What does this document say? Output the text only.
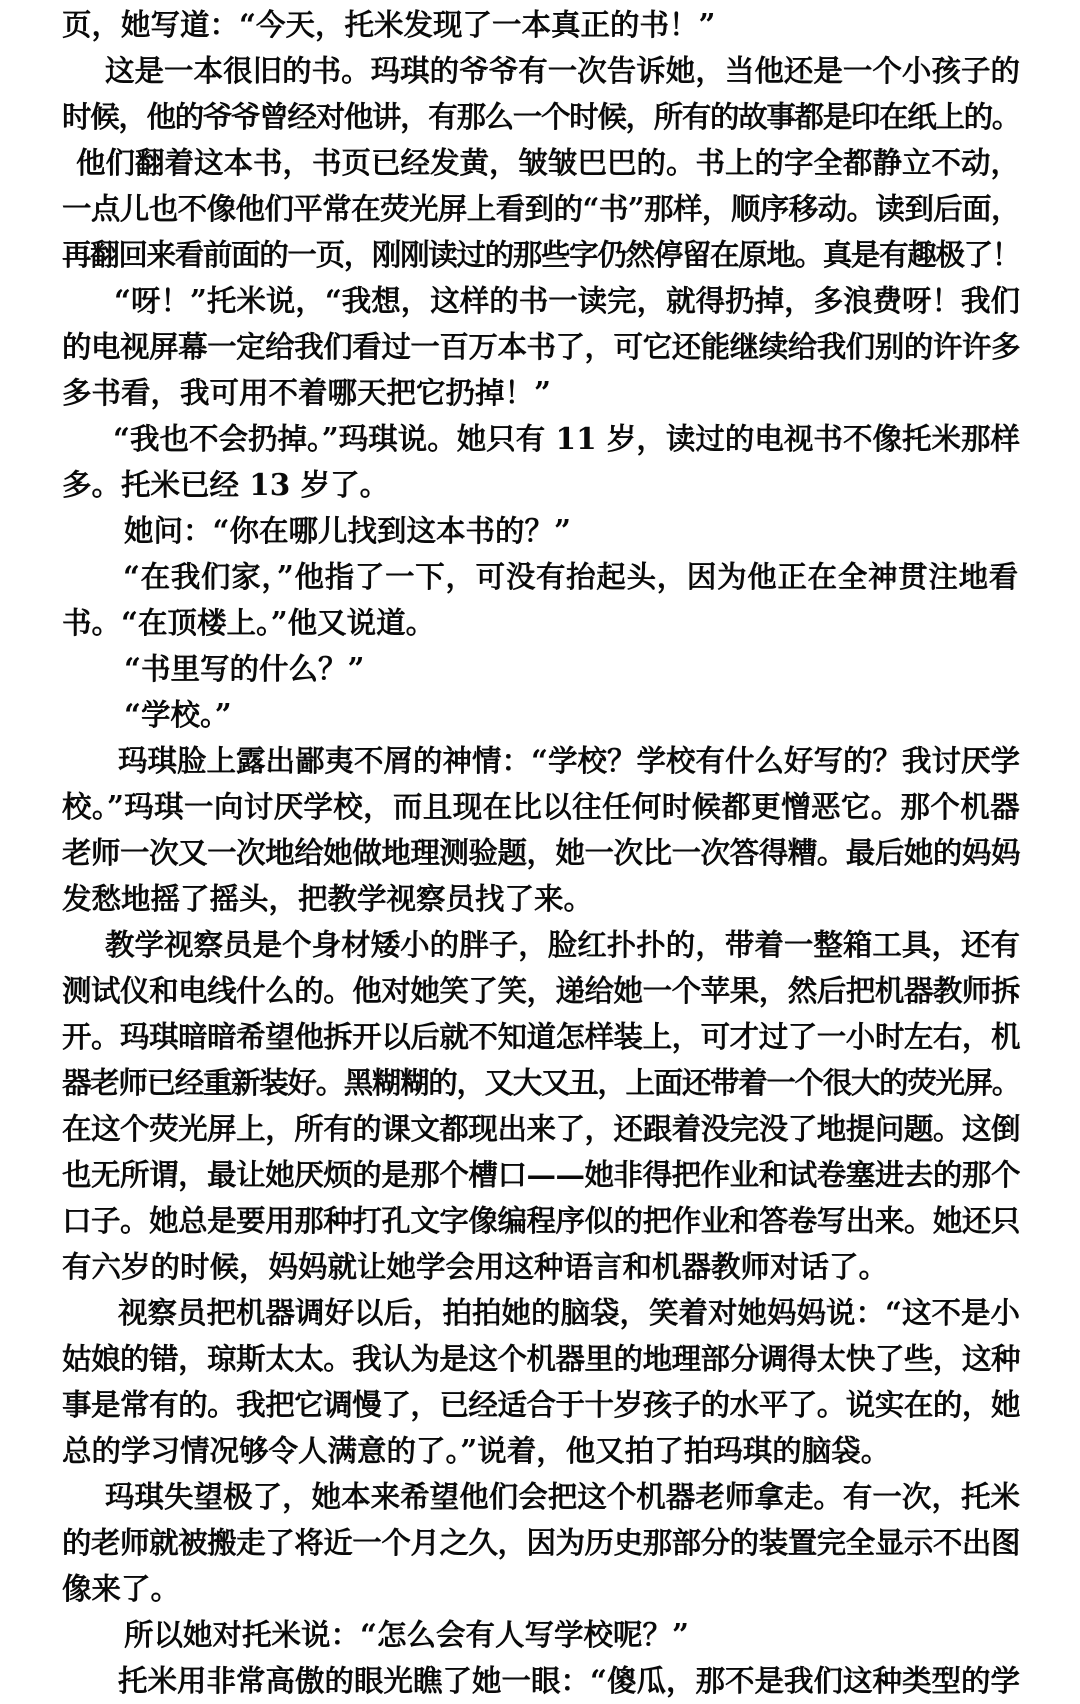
页，她写道：“今天，托米发现了一本真正的书！”

这是一本很旧的书。玛琪的爷爷有一次告诉她，当他还是一个小孩子的
时候，他的爷爷曾经对他讲，有那么一个时候，所有的故事都是印在纸上的。

他们翻着这本书，书页已经发黄，皱皱巴巴的。书上的字全都静立不动，
一点儿也不像他们平常在荧光屏上看到的“书”那样，顺序移动。读到后面，
再翻回来看前面的一页，刚刚读过的那些字仍然停留在原地。真是有趣极了！

“呀！”托米说，“我想，这样的书一读完，就得扔掉，多浪费呀！我们
的电视屏幕一定给我们看过一百万本书了，可它还能继续给我们别的许许多
多书看，我可用不着哪天把它扔掉！”

“我也不会扔掉。”玛琪说。她只有 11 岁，读过的电视书不像托米那样
多。托米已经 13 岁了。
她问：“你在哪儿找到这本书的？”

“在我们家，”他指了一下，可没有抬起头，因为他正在全神贯注地看
书。“在顶楼上。”他又说道。
“书里写的什么？”
“学校。”

玛琪脸上露出鄙夷不屑的神情：“学校？学校有什么好写的？我讨厌学
校。”玛琪一向讨厌学校，而且现在比以往任何时候都更憎恶它。那个机器
老师一次又一次地给她做地理测验题，她一次比一次答得糟。最后她的妈妈
发愁地摇了摇头，把教学视察员找了来。

教学视察员是个身材矮小的胖子，脸红扑扑的，带着一整箱工具，还有
测试仪和电线什么的。他对她笑了笑，递给她一个苹果，然后把机器教师拆
开。玛琪暗暗希望他拆开以后就不知道怎样装上，可才过了一小时左右，机
器老师已经重新装好。黑糊糊的，又大又丑，上面还带着一个很大的荧光屏。
在这个荧光屏上，所有的课文都现出来了，还跟着没完没了地提问题。这倒
也无所谓，最让她厌烦的是那个槽口——她非得把作业和试卷塞进去的那个
口子。她总是要用那种打孔文字像编程序似的把作业和答卷写出来。她还只
有六岁的时候，妈妈就让她学会用这种语言和机器教师对话了。

视察员把机器调好以后，拍拍她的脑袋，笑着对她妈妈说：“这不是小
姑娘的错，琼斯太太。我认为是这个机器里的地理部分调得太快了些，这种
事是常有的。我把它调慢了，已经适合于十岁孩子的水平了。说实在的，她
总的学习情况够令人满意的了。”说着，他又拍了拍玛琪的脑袋。

玛琪失望极了，她本来希望他们会把这个机器老师拿走。有一次，托米
的老师就被搬走了将近一个月之久，因为历史那部分的装置完全显示不出图
像来了。
所以她对托米说：“怎么会有人写学校呢？”

托米用非常高傲的眼光瞧了她一眼：“傻瓜，那不是我们这种类型的学
